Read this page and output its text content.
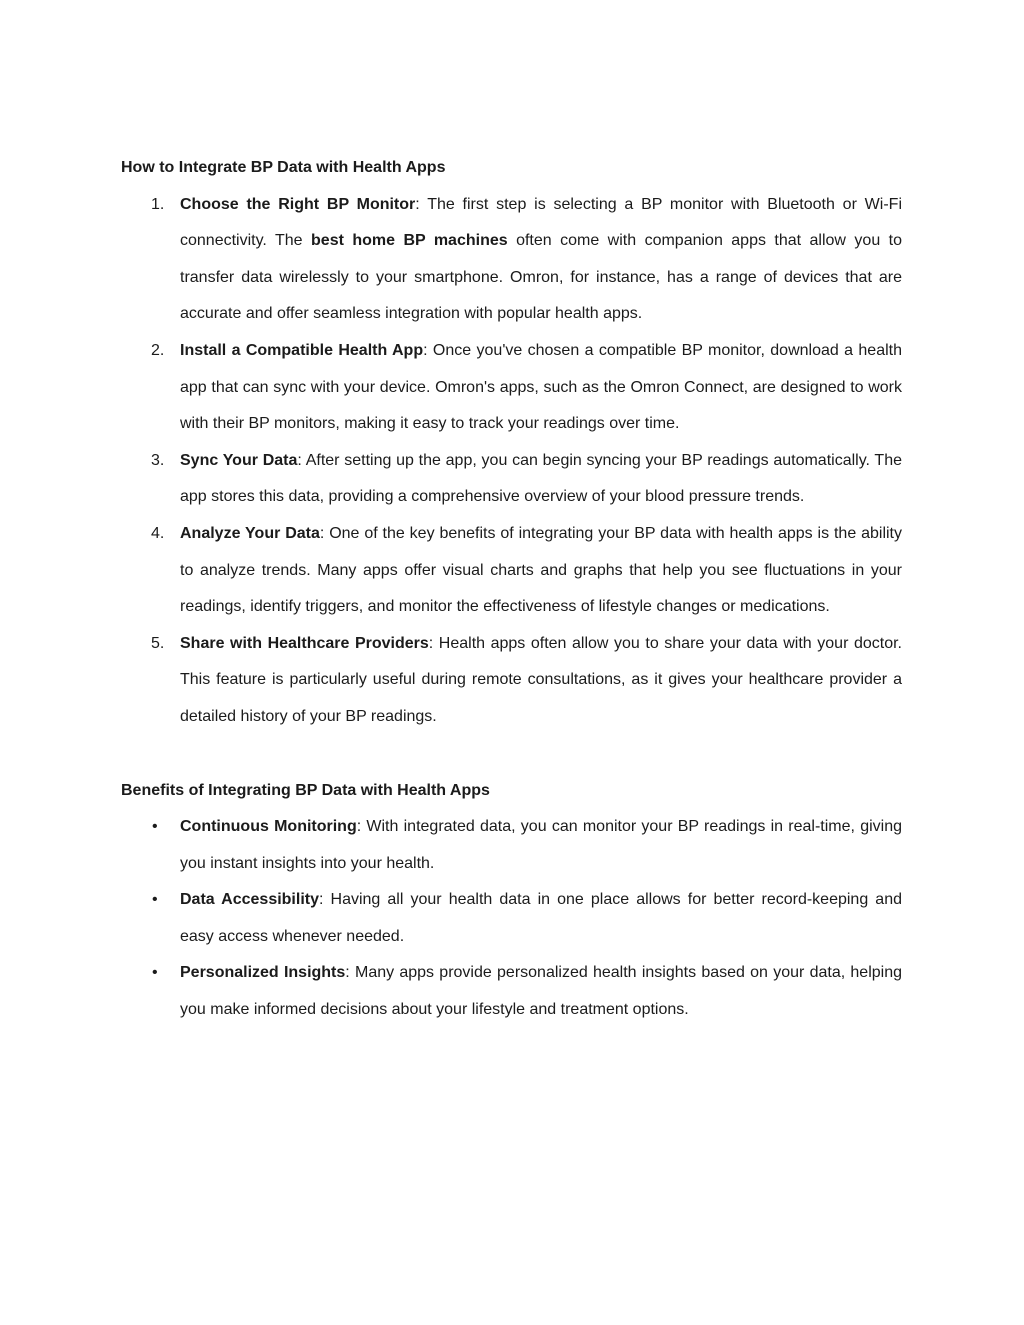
How to Integrate BP Data with Health Apps
1. Choose the Right BP Monitor: The first step is selecting a BP monitor with Bluetooth or Wi-Fi connectivity. The best home BP machines often come with companion apps that allow you to transfer data wirelessly to your smartphone. Omron, for instance, has a range of devices that are accurate and offer seamless integration with popular health apps.
2. Install a Compatible Health App: Once you've chosen a compatible BP monitor, download a health app that can sync with your device. Omron's apps, such as the Omron Connect, are designed to work with their BP monitors, making it easy to track your readings over time.
3. Sync Your Data: After setting up the app, you can begin syncing your BP readings automatically. The app stores this data, providing a comprehensive overview of your blood pressure trends.
4. Analyze Your Data: One of the key benefits of integrating your BP data with health apps is the ability to analyze trends. Many apps offer visual charts and graphs that help you see fluctuations in your readings, identify triggers, and monitor the effectiveness of lifestyle changes or medications.
5. Share with Healthcare Providers: Health apps often allow you to share your data with your doctor. This feature is particularly useful during remote consultations, as it gives your healthcare provider a detailed history of your BP readings.
Benefits of Integrating BP Data with Health Apps
• Continuous Monitoring: With integrated data, you can monitor your BP readings in real-time, giving you instant insights into your health.
• Data Accessibility: Having all your health data in one place allows for better record-keeping and easy access whenever needed.
• Personalized Insights: Many apps provide personalized health insights based on your data, helping you make informed decisions about your lifestyle and treatment options.
